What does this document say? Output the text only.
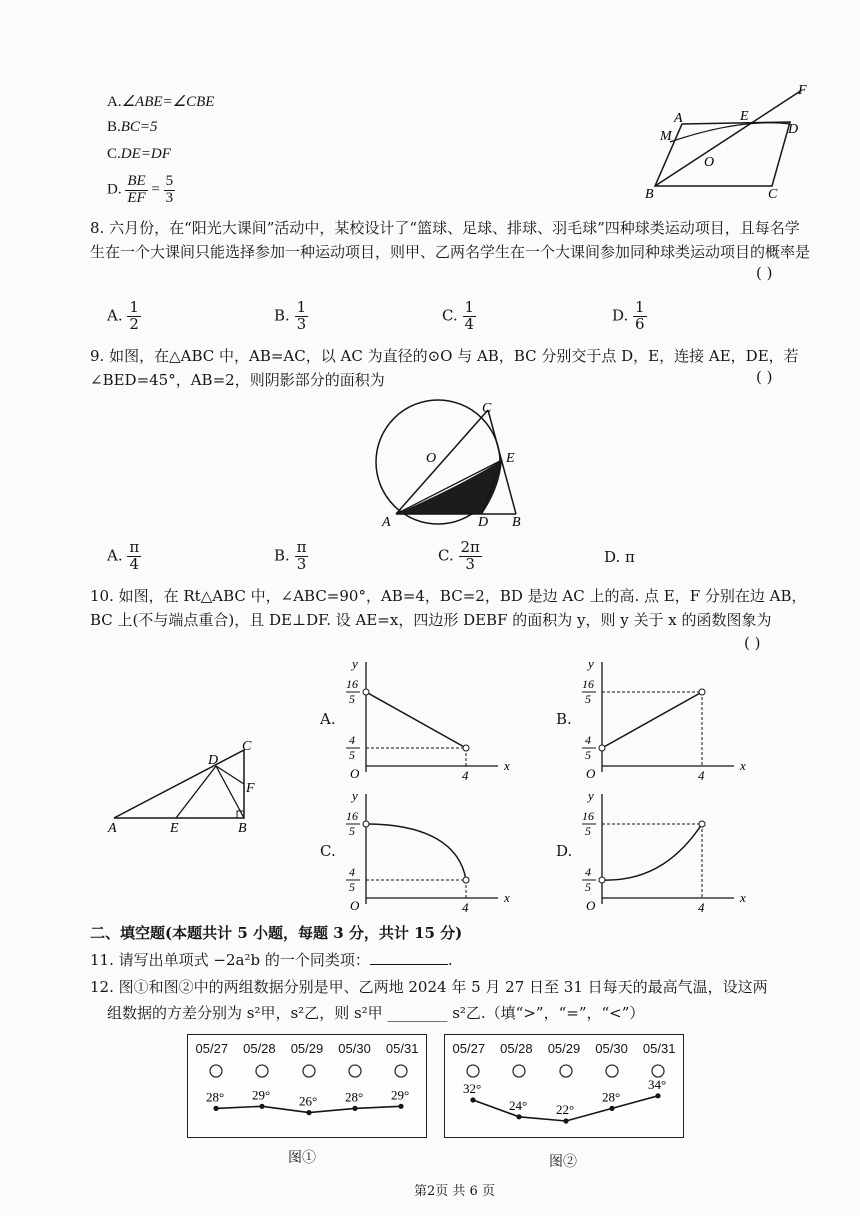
A.∠ABE=∠CBE
B.BC=5
C.DE=DF
D. $\frac{BE}{EF} = \frac{5}{3}$
A
B	C
D
E
F
M
O
8. 六月份，在“阳光大课间”活动中，某校设计了“篮球、足球、排球、羽毛球”四种球类运动项目，且每名学生在一个大课间只能选择参加一种运动项目，则甲、乙两名学生在一个大课间参加同种球类运动项目的概率是
( )
A. $\frac{1}{2}$	B. $\frac{1}{3}$	C. $\frac{1}{4}$	D. $\frac{1}{6}$
9. 如图，在△ABC 中，AB=AC，以 AC 为直径的⊙O 与 AB，BC 分别交于点 D，E，连接 AE，DE，若∠BED=45°，AB=2，则阴影部分的面积为	( )
A	B
C
D
E
O
A. $\frac{\pi}{4}$	B. $\frac{\pi}{3}$	C. $\frac{2\pi}{3}$	D. π
10. 如图，在 Rt△ABC 中，∠ABC=90°，AB=4，BC=2，BD 是边 AC 上的高. 点 E，F 分别在边 AB，BC 上(不与端点重合)，且 DE⊥DF. 设 AE=x，四边形 DEBF 的面积为 y，则 y 关于 x 的函数图象为
( )
A	B
C
D
E
F
A.
x
y
O	4
16
5
4
5
B.
x
y
O	4
16
5
4
5
C.
x
y
O	4
16
5
4
5
D.
x
y
O	4
16
5
4
5
二、填空题(本题共计 5 小题，每题 3 分，共计 15 分)
11. 请写出单项式 −2a²b 的一个同类项：	.
12. 图①和图②中的两组数据分别是甲、乙两地 2024 年 5 月 27 日至 31 日每天的最高气温，设这两
组数据的方差分别为 s²甲，s²乙，则 s²甲 ________ s²乙.（填“>”，“=”，“<”）
05/27 05/28 05/29 05/30 05/31
28° 29° 26° 28° 29°
05/27 05/28 05/29 05/30 05/31
32°
24° 22°
28°
34°
图①	图②
第2页 共 6 页
